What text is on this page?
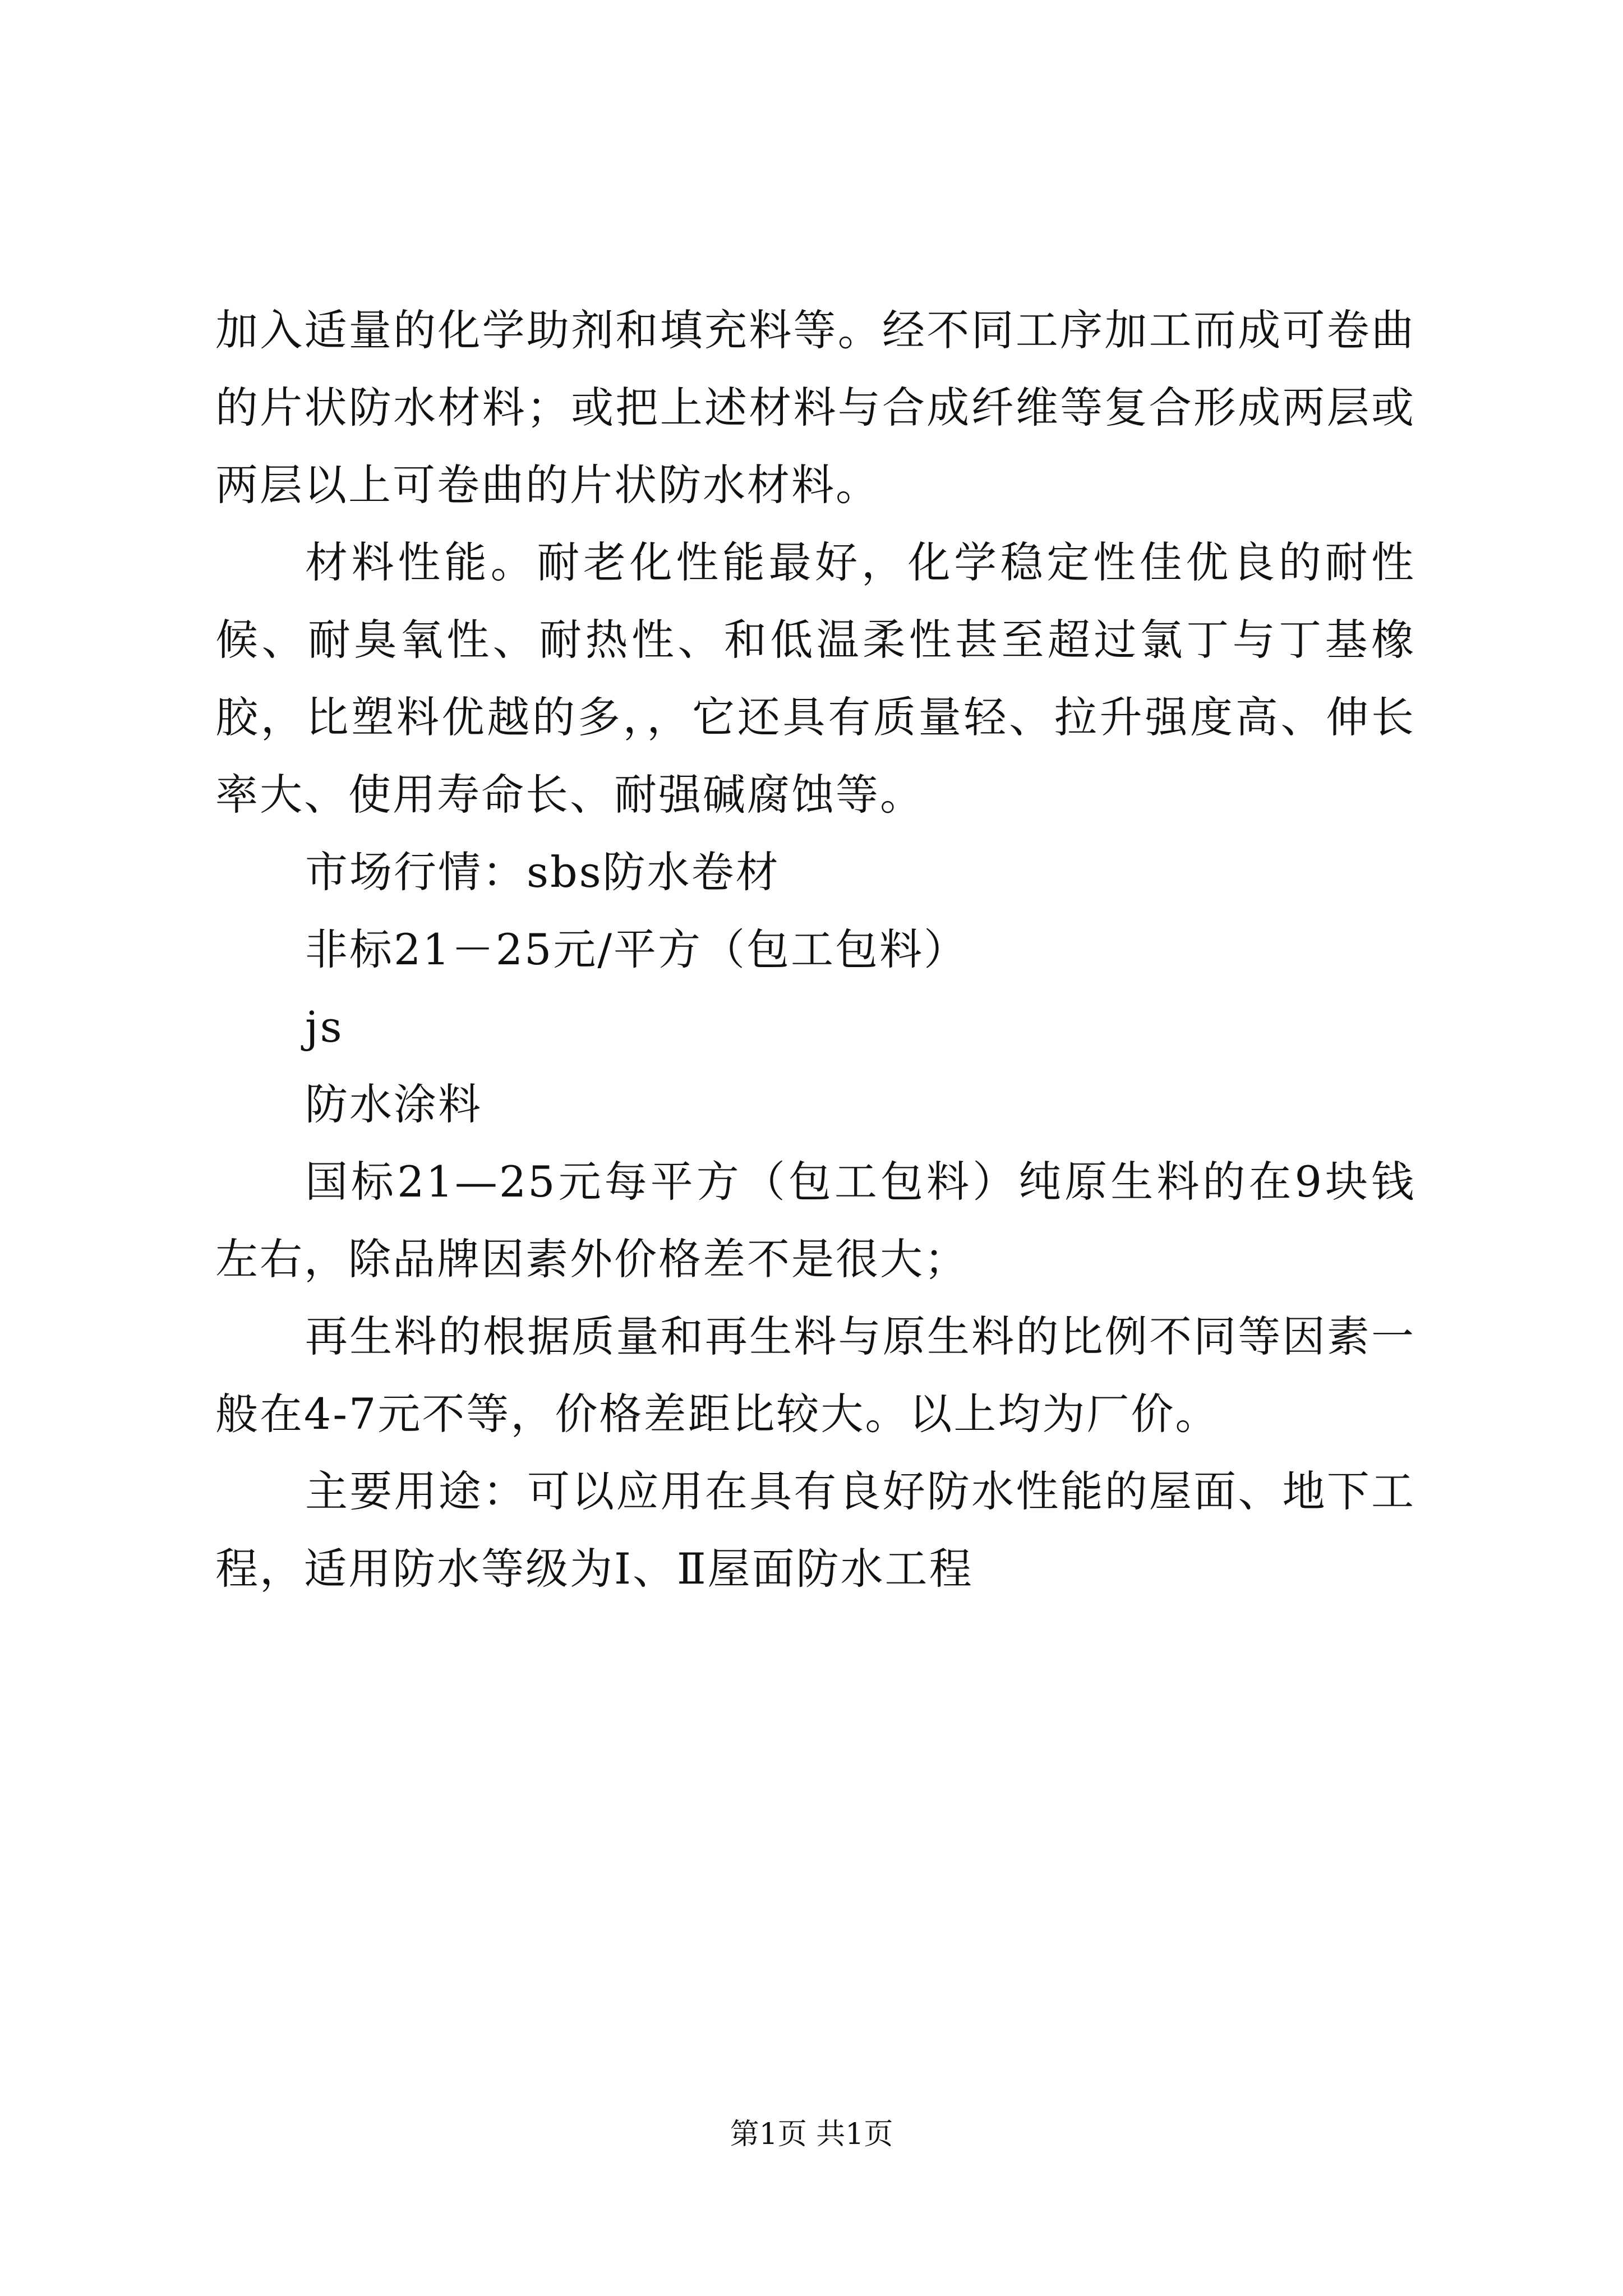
加入适量的化学助剂和填充料等。经不同工序加工而成可卷曲的片状防水材料；或把上述材料与合成纤维等复合形成两层或两层以上可卷曲的片状防水材料。

材料性能。耐老化性能最好，化学稳定性佳优良的耐性候、耐臭氧性、耐热性、和低温柔性甚至超过氯丁与丁基橡胶，比塑料优越的多，，它还具有质量轻、拉升强度高、伸长率大、使用寿命长、耐强碱腐蚀等。

市场行情：sbs防水卷材

非标21－25元/平方（包工包料）

js

防水涂料

国标21—25元每平方（包工包料）纯原生料的在9块钱左右，除品牌因素外价格差不是很大；

再生料的根据质量和再生料与原生料的比例不同等因素一般在4-7元不等，价格差距比较大。以上均为厂价。

主要用途：可以应用在具有良好防水性能的屋面、地下工程，适用防水等级为Ⅰ、Ⅱ屋面防水工程

第1页 共1页
